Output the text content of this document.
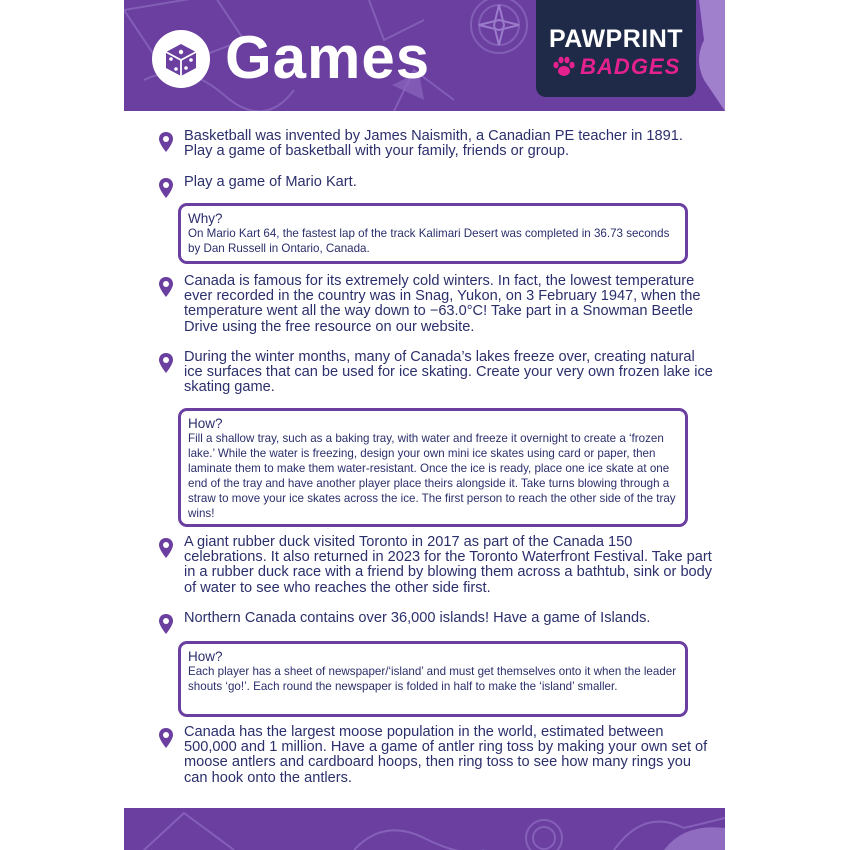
Games	PAWPRINT
BADGES
Basketball was invented by James Naismith, a Canadian PE teacher in 1891. Play a game of basketball with your family, friends or group.
Play a game of Mario Kart.
Why?
On Mario Kart 64, the fastest lap of the track Kalimari Desert was completed in 36.73 seconds by Dan Russell in Ontario, Canada.
Canada is famous for its extremely cold winters. In fact, the lowest temperature ever recorded in the country was in Snag, Yukon, on 3 February 1947, when the temperature went all the way down to −63.0°C! Take part in a Snowman Beetle Drive using the free resource on our website.
During the winter months, many of Canada’s lakes freeze over, creating natural ice surfaces that can be used for ice skating. Create your very own frozen lake ice skating game.
How?
Fill a shallow tray, such as a baking tray, with water and freeze it overnight to create a ‘frozen lake.’ While the water is freezing, design your own mini ice skates using card or paper, then laminate them to make them water-resistant. Once the ice is ready, place one ice skate at one end of the tray and have another player place theirs alongside it. Take turns blowing through a straw to move your ice skates across the ice. The first person to reach the other side of the tray wins!
A giant rubber duck visited Toronto in 2017 as part of the Canada 150 celebrations. It also returned in 2023 for the Toronto Waterfront Festival. Take part in a rubber duck race with a friend by blowing them across a bathtub, sink or body of water to see who reaches the other side first.
Northern Canada contains over 36,000 islands! Have a game of Islands.
How?
Each player has a sheet of newspaper/‘island’ and must get themselves onto it when the leader shouts ‘go!’. Each round the newspaper is folded in half to make the ‘island’ smaller.
Canada has the largest moose population in the world, estimated between 500,000 and 1 million. Have a game of antler ring toss by making your own set of moose antlers and cardboard hoops, then ring toss to see how many rings you can hook onto the antlers.
